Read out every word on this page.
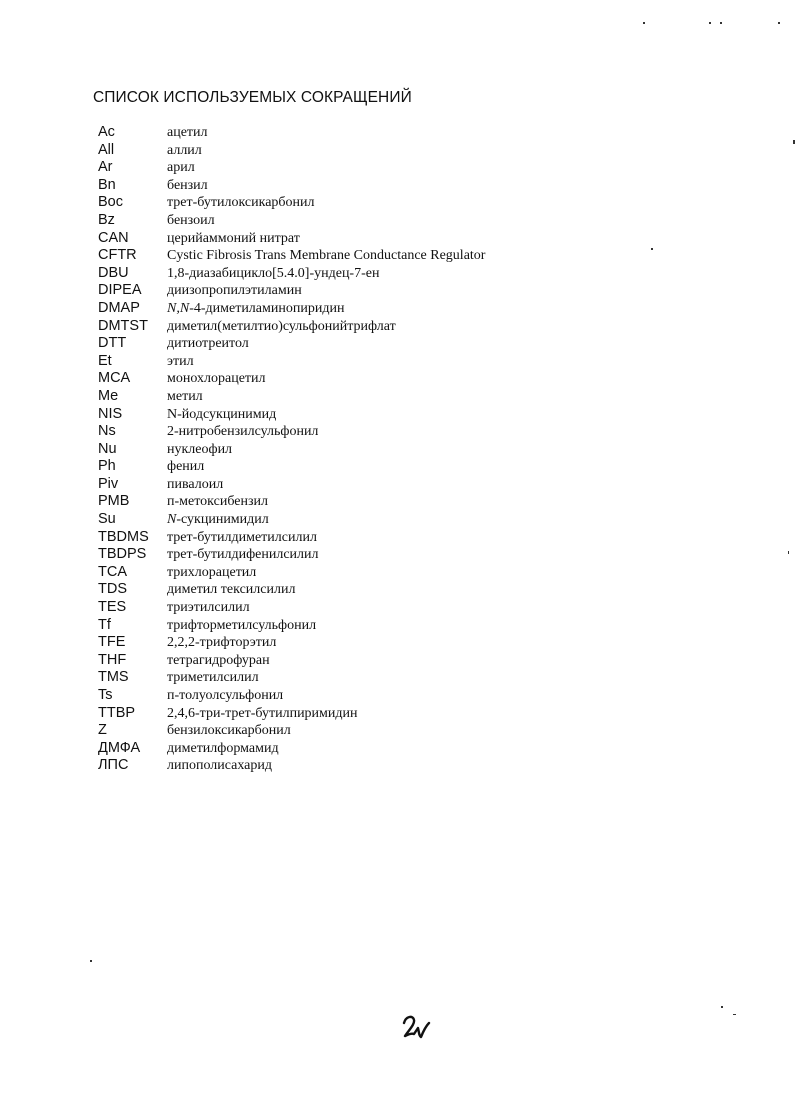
СПИСОК ИСПОЛЬЗУЕМЫХ СОКРАЩЕНИЙ
Ac	ацетил
All	аллил
Ar	арил
Bn	бензил
Boc	трет-бутилоксикарбонил
Bz	бензоил
CAN	церийаммоний нитрат
CFTR Cystic Fibrosis Trans Membrane Conductance Regulator
DBU	1,8-диазабицикло[5.4.0]-ундец-7-ен
DIPEA диизопропилэтиламин
DMAP N,N-4-диметиламинопиридин
DMTST диметил(метилтио)сульфонийтрифлат
DTT	дитиотреитол
Et	этил
MCA	монохлорацетил
Me	метил
NIS	N-йодсукцинимид
Ns	2-нитробензилсульфонил
Nu	нуклеофил
Ph	фенил
Piv	пивалоил
PMB	п-метоксибензил
Su	N-сукцинимидил
TBDMS трет-бутилдиметилсилил
TBDPS трет-бутилдифенилсилил
TCA	трихлорацетил
TDS	диметил тексилсилил
TES	триэтилсилил
Tf	трифторметилсульфонил
TFE	2,2,2-трифторэтил
THF	тетрагидрофуран
TMS	триметилсилил
Ts	п-толуолсульфонил
TTBP 2,4,6-три-трет-бутилпиримидин
Z	бензилоксикарбонил
ДМФА диметилформамид
ЛПС	липополисахарид
